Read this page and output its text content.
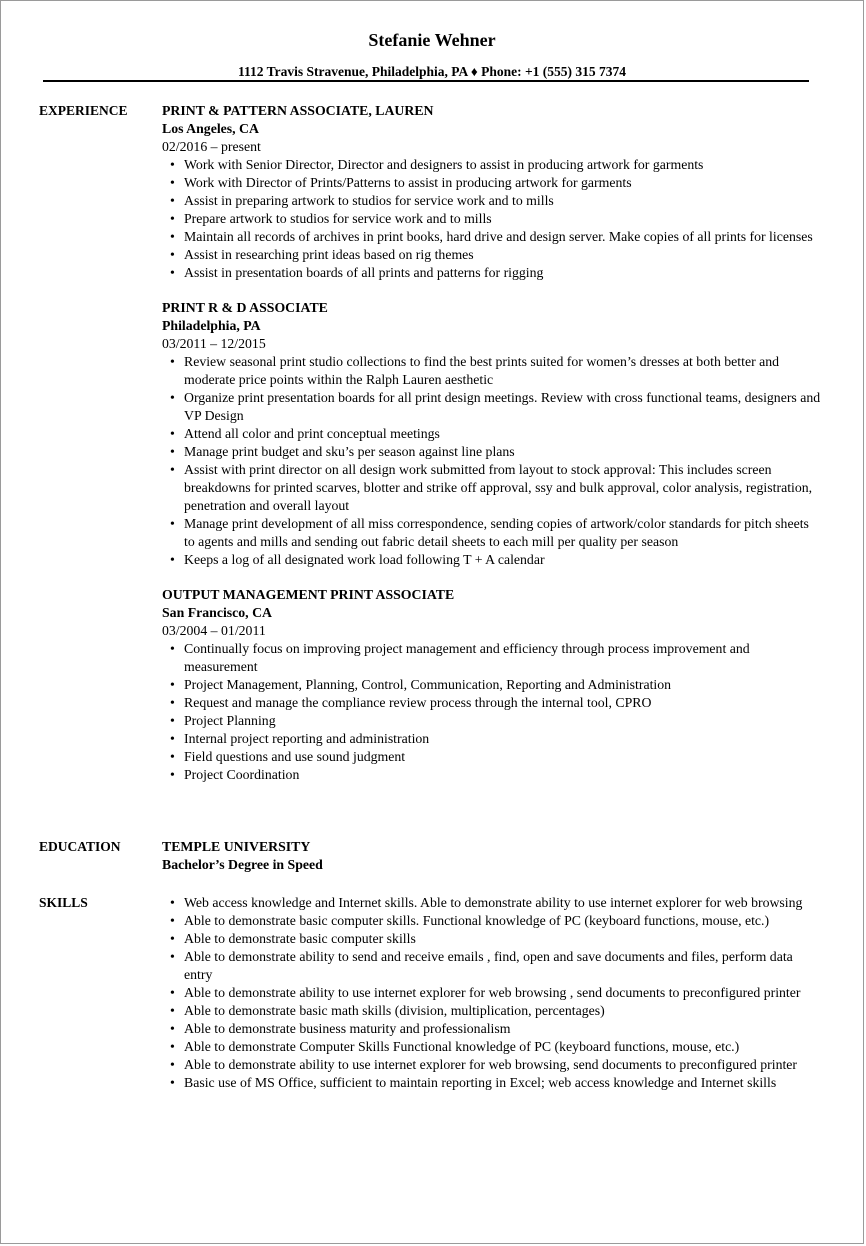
Stefanie Wehner
1112 Travis Stravenue, Philadelphia, PA ♦ Phone: +1 (555) 315 7374
EXPERIENCE PRINT & PATTERN ASSOCIATE, LAUREN
Los Angeles, CA
02/2016 – present
• Work with Senior Director, Director and designers to assist in producing artwork for garments
• Work with Director of Prints/Patterns to assist in producing artwork for garments
• Assist in preparing artwork to studios for service work and to mills
• Prepare artwork to studios for service work and to mills
• Maintain all records of archives in print books, hard drive and design server. Make copies of all prints for licenses
• Assist in researching print ideas based on rig themes
• Assist in presentation boards of all prints and patterns for rigging
PRINT R & D ASSOCIATE
Philadelphia, PA
03/2011 – 12/2015
• Review seasonal print studio collections to find the best prints suited for women’s dresses at both better and moderate price points within the Ralph Lauren aesthetic
• Organize print presentation boards for all print design meetings. Review with cross functional teams, designers and VP Design
• Attend all color and print conceptual meetings
• Manage print budget and sku’s per season against line plans
• Assist with print director on all design work submitted from layout to stock approval: This includes screen breakdowns for printed scarves, blotter and strike off approval, ssy and bulk approval, color analysis, registration, penetration and overall layout
• Manage print development of all miss correspondence, sending copies of artwork/color standards for pitch sheets to agents and mills and sending out fabric detail sheets to each mill per quality per season
• Keeps a log of all designated work load following T + A calendar
OUTPUT MANAGEMENT PRINT ASSOCIATE
San Francisco, CA
03/2004 – 01/2011
• Continually focus on improving project management and efficiency through process improvement and measurement
• Project Management, Planning, Control, Communication, Reporting and Administration
• Request and manage the compliance review process through the internal tool, CPRO
• Project Planning
• Internal project reporting and administration
• Field questions and use sound judgment
• Project Coordination
EDUCATION	TEMPLE UNIVERSITY
Bachelor’s Degree in Speed
SKILLS
•	Web access knowledge and Internet skills. Able to demonstrate ability to use internet explorer for web browsing
• Able to demonstrate basic computer skills. Functional knowledge of PC (keyboard functions, mouse, etc.)
• Able to demonstrate basic computer skills
• Able to demonstrate ability to send and receive emails , find, open and save documents and files, perform data entry
• Able to demonstrate ability to use internet explorer for web browsing , send documents to preconfigured printer
• Able to demonstrate basic math skills (division, multiplication, percentages)
• Able to demonstrate business maturity and professionalism
• Able to demonstrate Computer Skills Functional knowledge of PC (keyboard functions, mouse, etc.)
• Able to demonstrate ability to use internet explorer for web browsing, send documents to preconfigured printer
• Basic use of MS Office, sufficient to maintain reporting in Excel; web access knowledge and Internet skills
